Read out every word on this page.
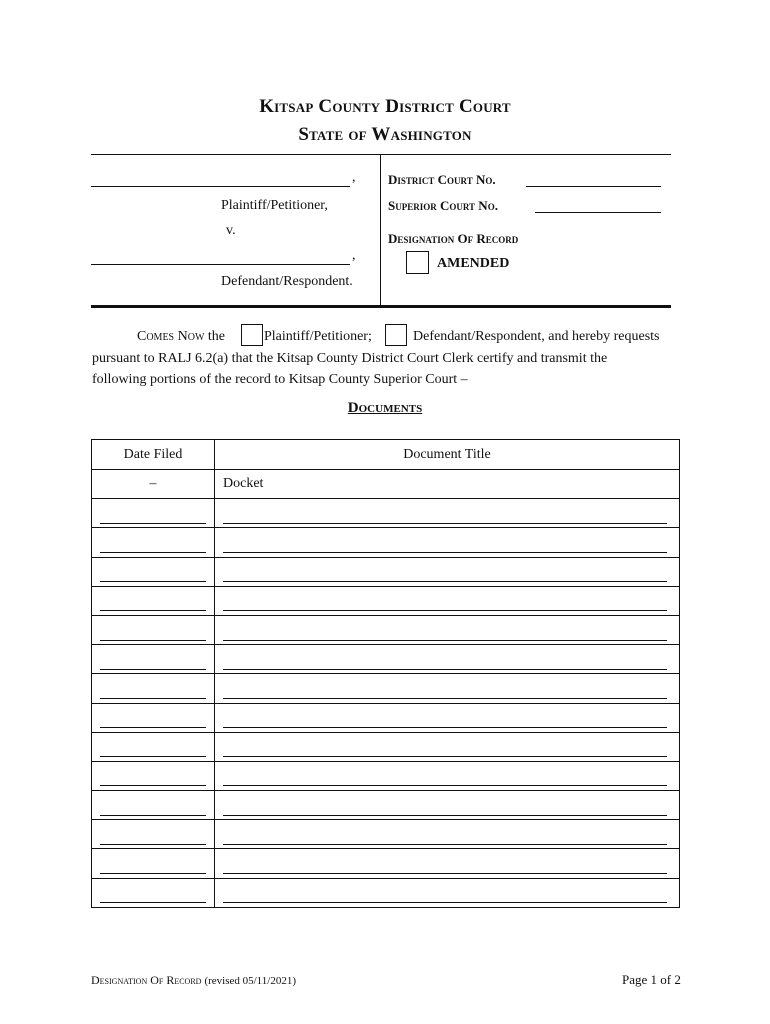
Kitsap County District Court
State of Washington
,
Plaintiff/Petitioner,
v.
,
Defendant/Respondent.
District Court No.
Superior Court No.
Designation Of Record
AMENDED
Comes Now the	Plaintiff/Petitioner;	Defendant/Respondent, and hereby requests
pursuant to RALJ 6.2(a) that the Kitsap County District Court Clerk certify and transmit the
following portions of the record to Kitsap County Superior Court –
Documents
Date Filed	Document Title
–	Docket

Designation Of Record (revised 05/11/2021)	Page 1 of 2
